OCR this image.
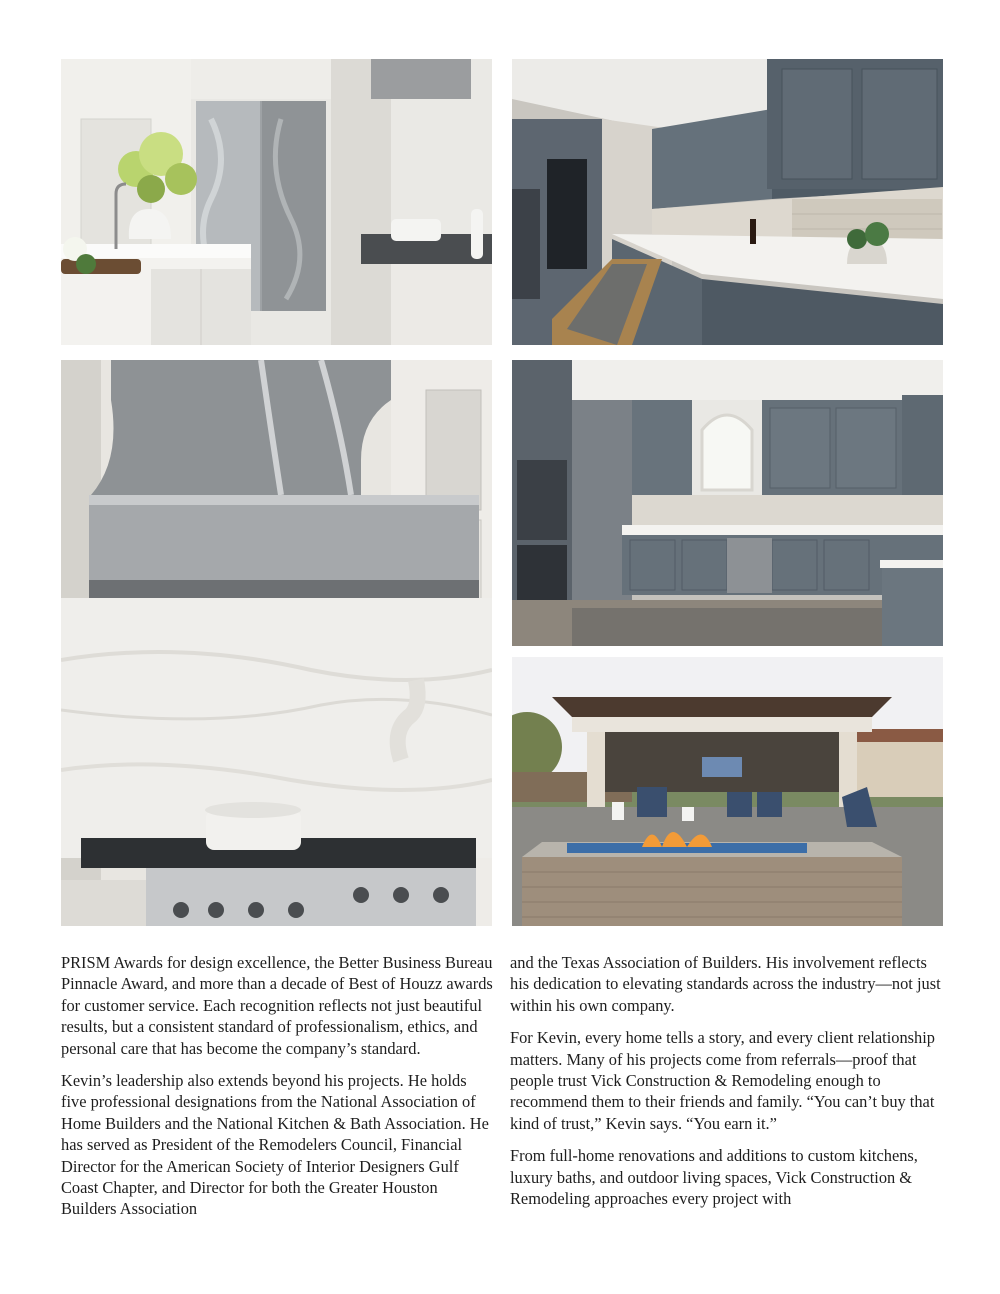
PRISM Awards for design excellence, the Better Business Bureau Pinnacle Award, and more than a decade of Best of Houzz awards for customer service. Each recognition reflects not just beautiful results, but a consistent standard of professionalism, ethics, and personal care that has become the company’s standard.

Kevin’s leadership also extends beyond his projects. He holds five professional designations from the National Association of Home Builders and the National Kitchen & Bath Association. He has served as President of the Remodelers Council, Financial Director for the American Society of Interior Designers Gulf Coast Chapter, and Director for both the Greater Houston Builders Association

and the Texas Association of Builders. His involvement reflects his dedication to elevating standards across the industry—not just within his own company.

For Kevin, every home tells a story, and every client relationship matters. Many of his projects come from referrals—proof that people trust Vick Construction & Remodeling enough to recommend them to their friends and family. “You can’t buy that kind of trust,” Kevin says. “You earn it.”

From full-home renovations and additions to custom kitchens, luxury baths, and outdoor living spaces, Vick Construction & Remodeling approaches every project with
